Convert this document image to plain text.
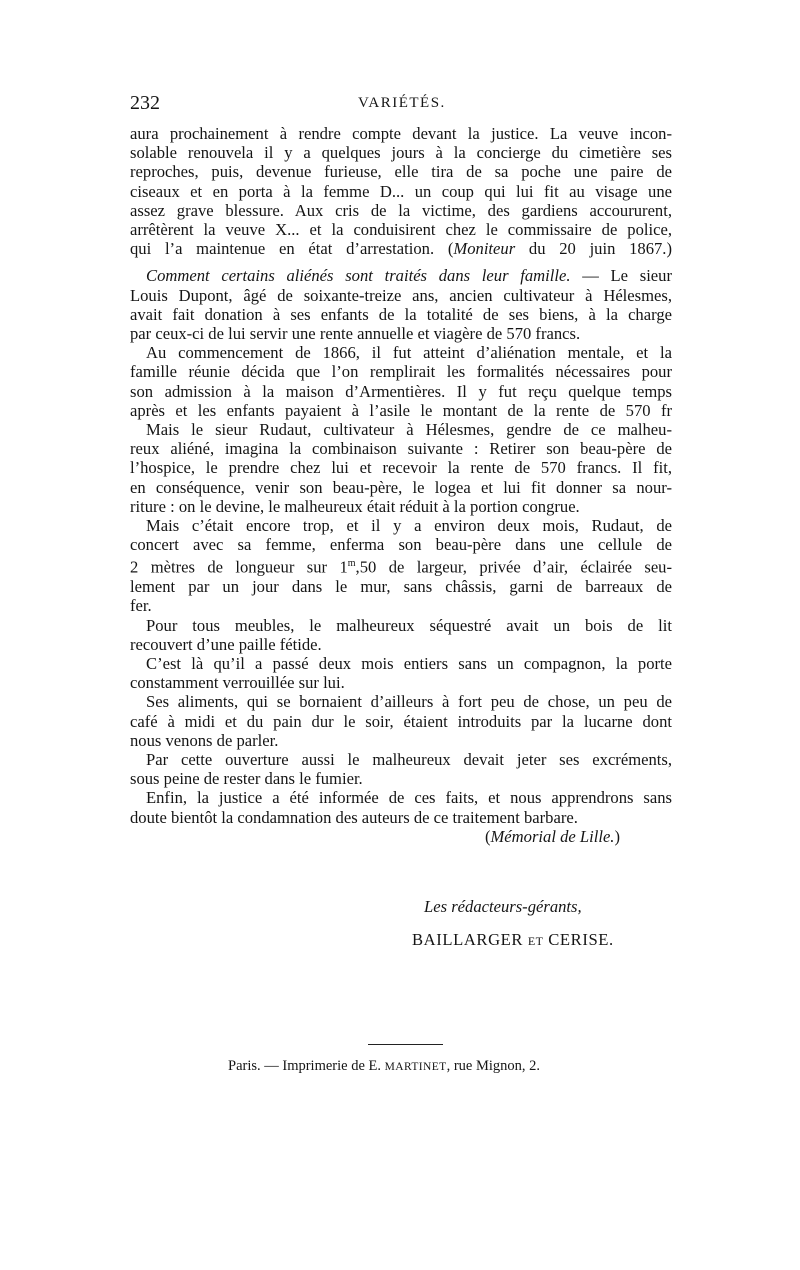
232	VARIÉTÉS.
aura prochainement à rendre compte devant la justice. La veuve incon-
solable renouvela il y a quelques jours à la concierge du cimetière ses
reproches, puis, devenue furieuse, elle tira de sa poche une paire de
ciseaux et en porta à la femme D... un coup qui lui fit au visage une
assez grave blessure. Aux cris de la victime, des gardiens accoururent,
arrêtèrent la veuve X... et la conduisirent chez le commissaire de police,
qui l’a maintenue en état d’arrestation. (Moniteur du 20 juin 1867.)
Comment certains aliénés sont traités dans leur famille. — Le sieur
Louis Dupont, âgé de soixante-treize ans, ancien cultivateur à Hélesmes,
avait fait donation à ses enfants de la totalité de ses biens, à la charge
par ceux-ci de lui servir une rente annuelle et viagère de 570 francs.
Au commencement de 1866, il fut atteint d’aliénation mentale, et la
famille réunie décida que l’on remplirait les formalités nécessaires pour
son admission à la maison d’Armentières. Il y fut reçu quelque temps
après et les enfants payaient à l’asile le montant de la rente de 570 fr
Mais le sieur Rudaut, cultivateur à Hélesmes, gendre de ce malheu-
reux aliéné, imagina la combinaison suivante : Retirer son beau-père de
l’hospice, le prendre chez lui et recevoir la rente de 570 francs. Il fit,
en conséquence, venir son beau-père, le logea et lui fit donner sa nour-
riture : on le devine, le malheureux était réduit à la portion congrue.
Mais c’était encore trop, et il y a environ deux mois, Rudaut, de
concert avec sa femme, enferma son beau-père dans une cellule de
2 mètres de longueur sur 1$^m$,50 de largeur, privée d’air, éclairée seu-
lement par un jour dans le mur, sans châssis, garni de barreaux de
fer.
Pour tous meubles, le malheureux séquestré avait un bois de lit
recouvert d’une paille fétide.
C’est là qu’il a passé deux mois entiers sans un compagnon, la porte
constamment verrouillée sur lui.
Ses aliments, qui se bornaient d’ailleurs à fort peu de chose, un peu de
café à midi et du pain dur le soir, étaient introduits par la lucarne dont
nous venons de parler.
Par cette ouverture aussi le malheureux devait jeter ses excréments,
sous peine de rester dans le fumier.
Enfin, la justice a été informée de ces faits, et nous apprendrons sans
doute bientôt la condamnation des auteurs de ce traitement barbare.
(Mémorial de Lille.)
Les rédacteurs-gérants,
BAILLARGER ET CERISE.
Paris. — Imprimerie de E. MARTINET, rue Mignon, 2.
